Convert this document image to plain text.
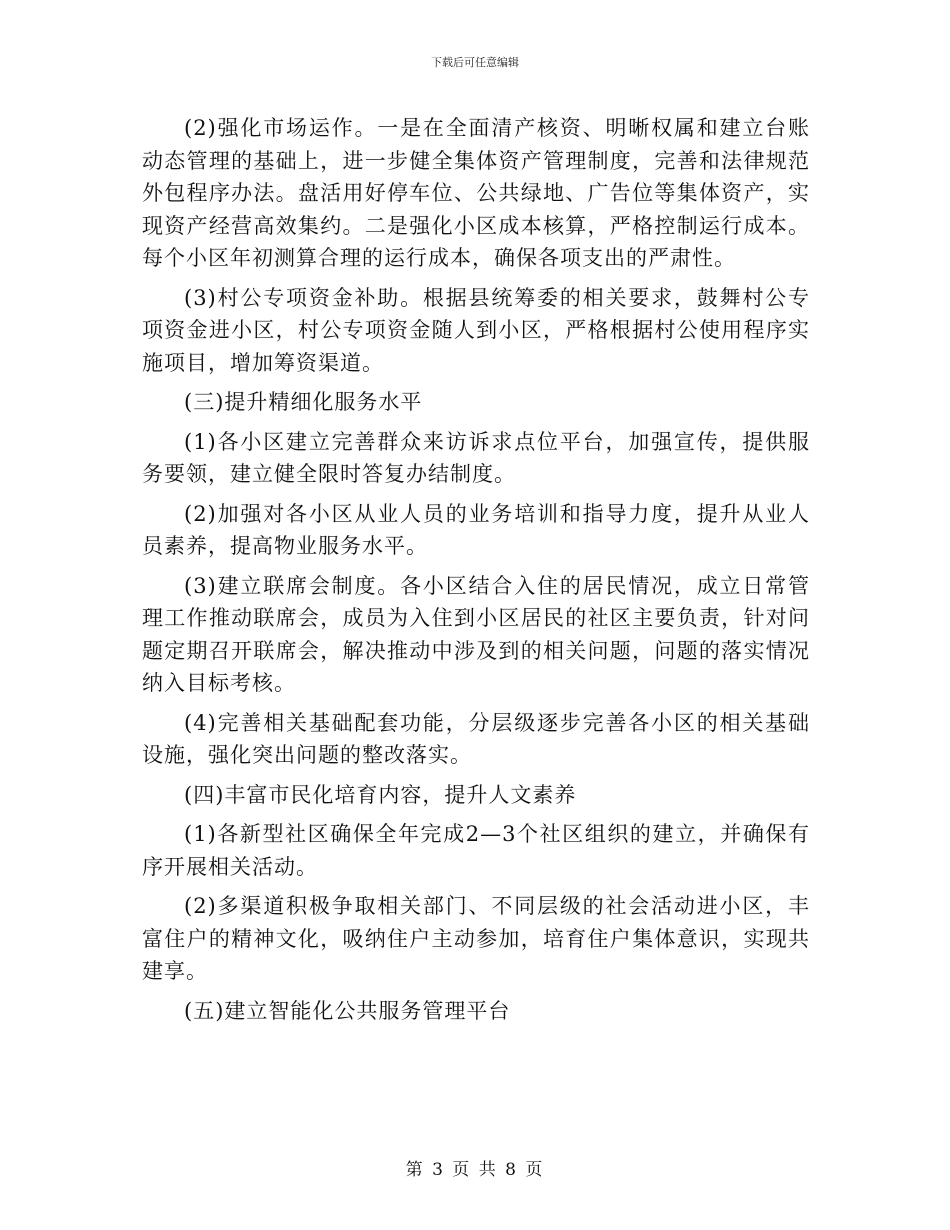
下载后可任意编辑

(2)强化市场运作。一是在全面清产核资、明晰权属和建立台账动态管理的基础上，进一步健全集体资产管理制度，完善和法律规范外包程序办法。盘活用好停车位、公共绿地、广告位等集体资产，实现资产经营高效集约。二是强化小区成本核算，严格控制运行成本。每个小区年初测算合理的运行成本，确保各项支出的严肃性。

(3)村公专项资金补助。根据县统筹委的相关要求，鼓舞村公专项资金进小区，村公专项资金随人到小区，严格根据村公使用程序实施项目，增加筹资渠道。

(三)提升精细化服务水平

(1)各小区建立完善群众来访诉求点位平台，加强宣传，提供服务要领，建立健全限时答复办结制度。

(2)加强对各小区从业人员的业务培训和指导力度，提升从业人员素养，提高物业服务水平。

(3)建立联席会制度。各小区结合入住的居民情况，成立日常管理工作推动联席会，成员为入住到小区居民的社区主要负责，针对问题定期召开联席会，解决推动中涉及到的相关问题，问题的落实情况纳入目标考核。

(4)完善相关基础配套功能，分层级逐步完善各小区的相关基础设施，强化突出问题的整改落实。

(四)丰富市民化培育内容，提升人文素养

(1)各新型社区确保全年完成2—3个社区组织的建立，并确保有序开展相关活动。

(2)多渠道积极争取相关部门、不同层级的社会活动进小区，丰富住户的精神文化，吸纳住户主动参加，培育住户集体意识，实现共建享。

(五)建立智能化公共服务管理平台

第 3 页 共 8 页
